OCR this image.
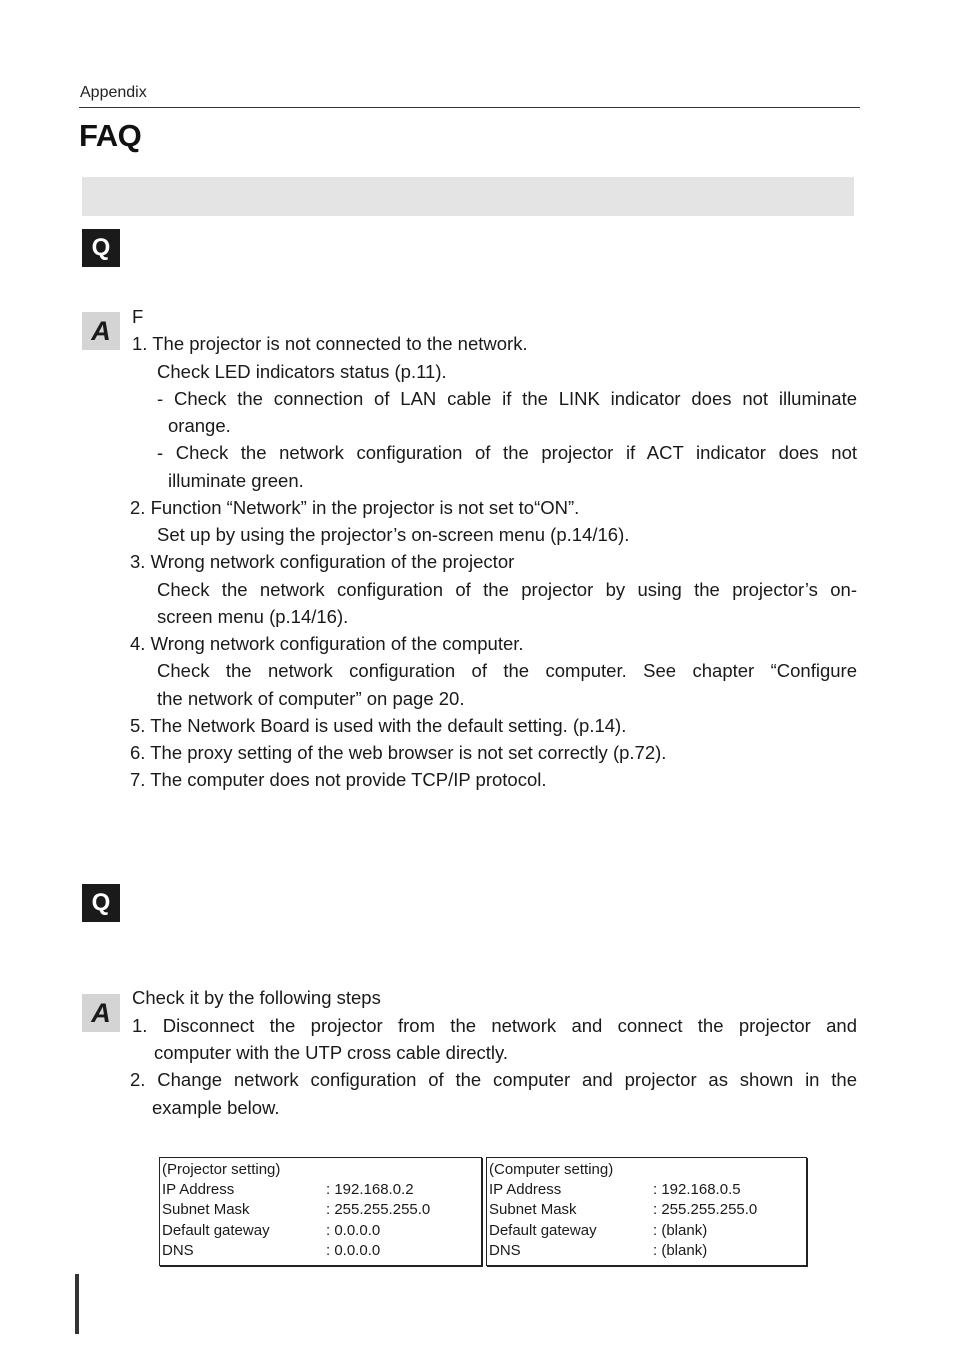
Appendix
FAQ
Q
A	F
1. The projector is not connected to the network.
Check LED indicators status (p.11).
- Check the connection of LAN cable if the LINK indicator does not illuminate
orange.
- Check the network configuration of the projector if ACT indicator does not
illuminate green.
2. Function “Network” in the projector is not set to“ON”.
Set up by using the projector’s on-screen menu (p.14/16).
3. Wrong network configuration of the projector
Check the network configuration of the projector by using the projector’s on-
screen menu (p.14/16).
4. Wrong network configuration of the computer.
Check the network configuration of the computer. See chapter “Configure
the network of computer” on page 20.
5. The Network Board is used with the default setting. (p.14).
6. The proxy setting of the web browser is not set correctly (p.72).
7. The computer does not provide TCP/IP protocol.
Q
A
Check it by the following steps
1. Disconnect the projector from the network and connect the projector and
computer with the UTP cross cable directly.
2. Change network configuration of the computer and projector as shown in the
example below.
(Projector setting)
IP Address	: 192.168.0.2
Subnet Mask	: 255.255.255.0
Default gateway	: 0.0.0.0
DNS	: 0.0.0.0
(Computer setting)
IP Address	: 192.168.0.5
Subnet Mask	: 255.255.255.0
Default gateway	: (blank)
DNS	: (blank)
